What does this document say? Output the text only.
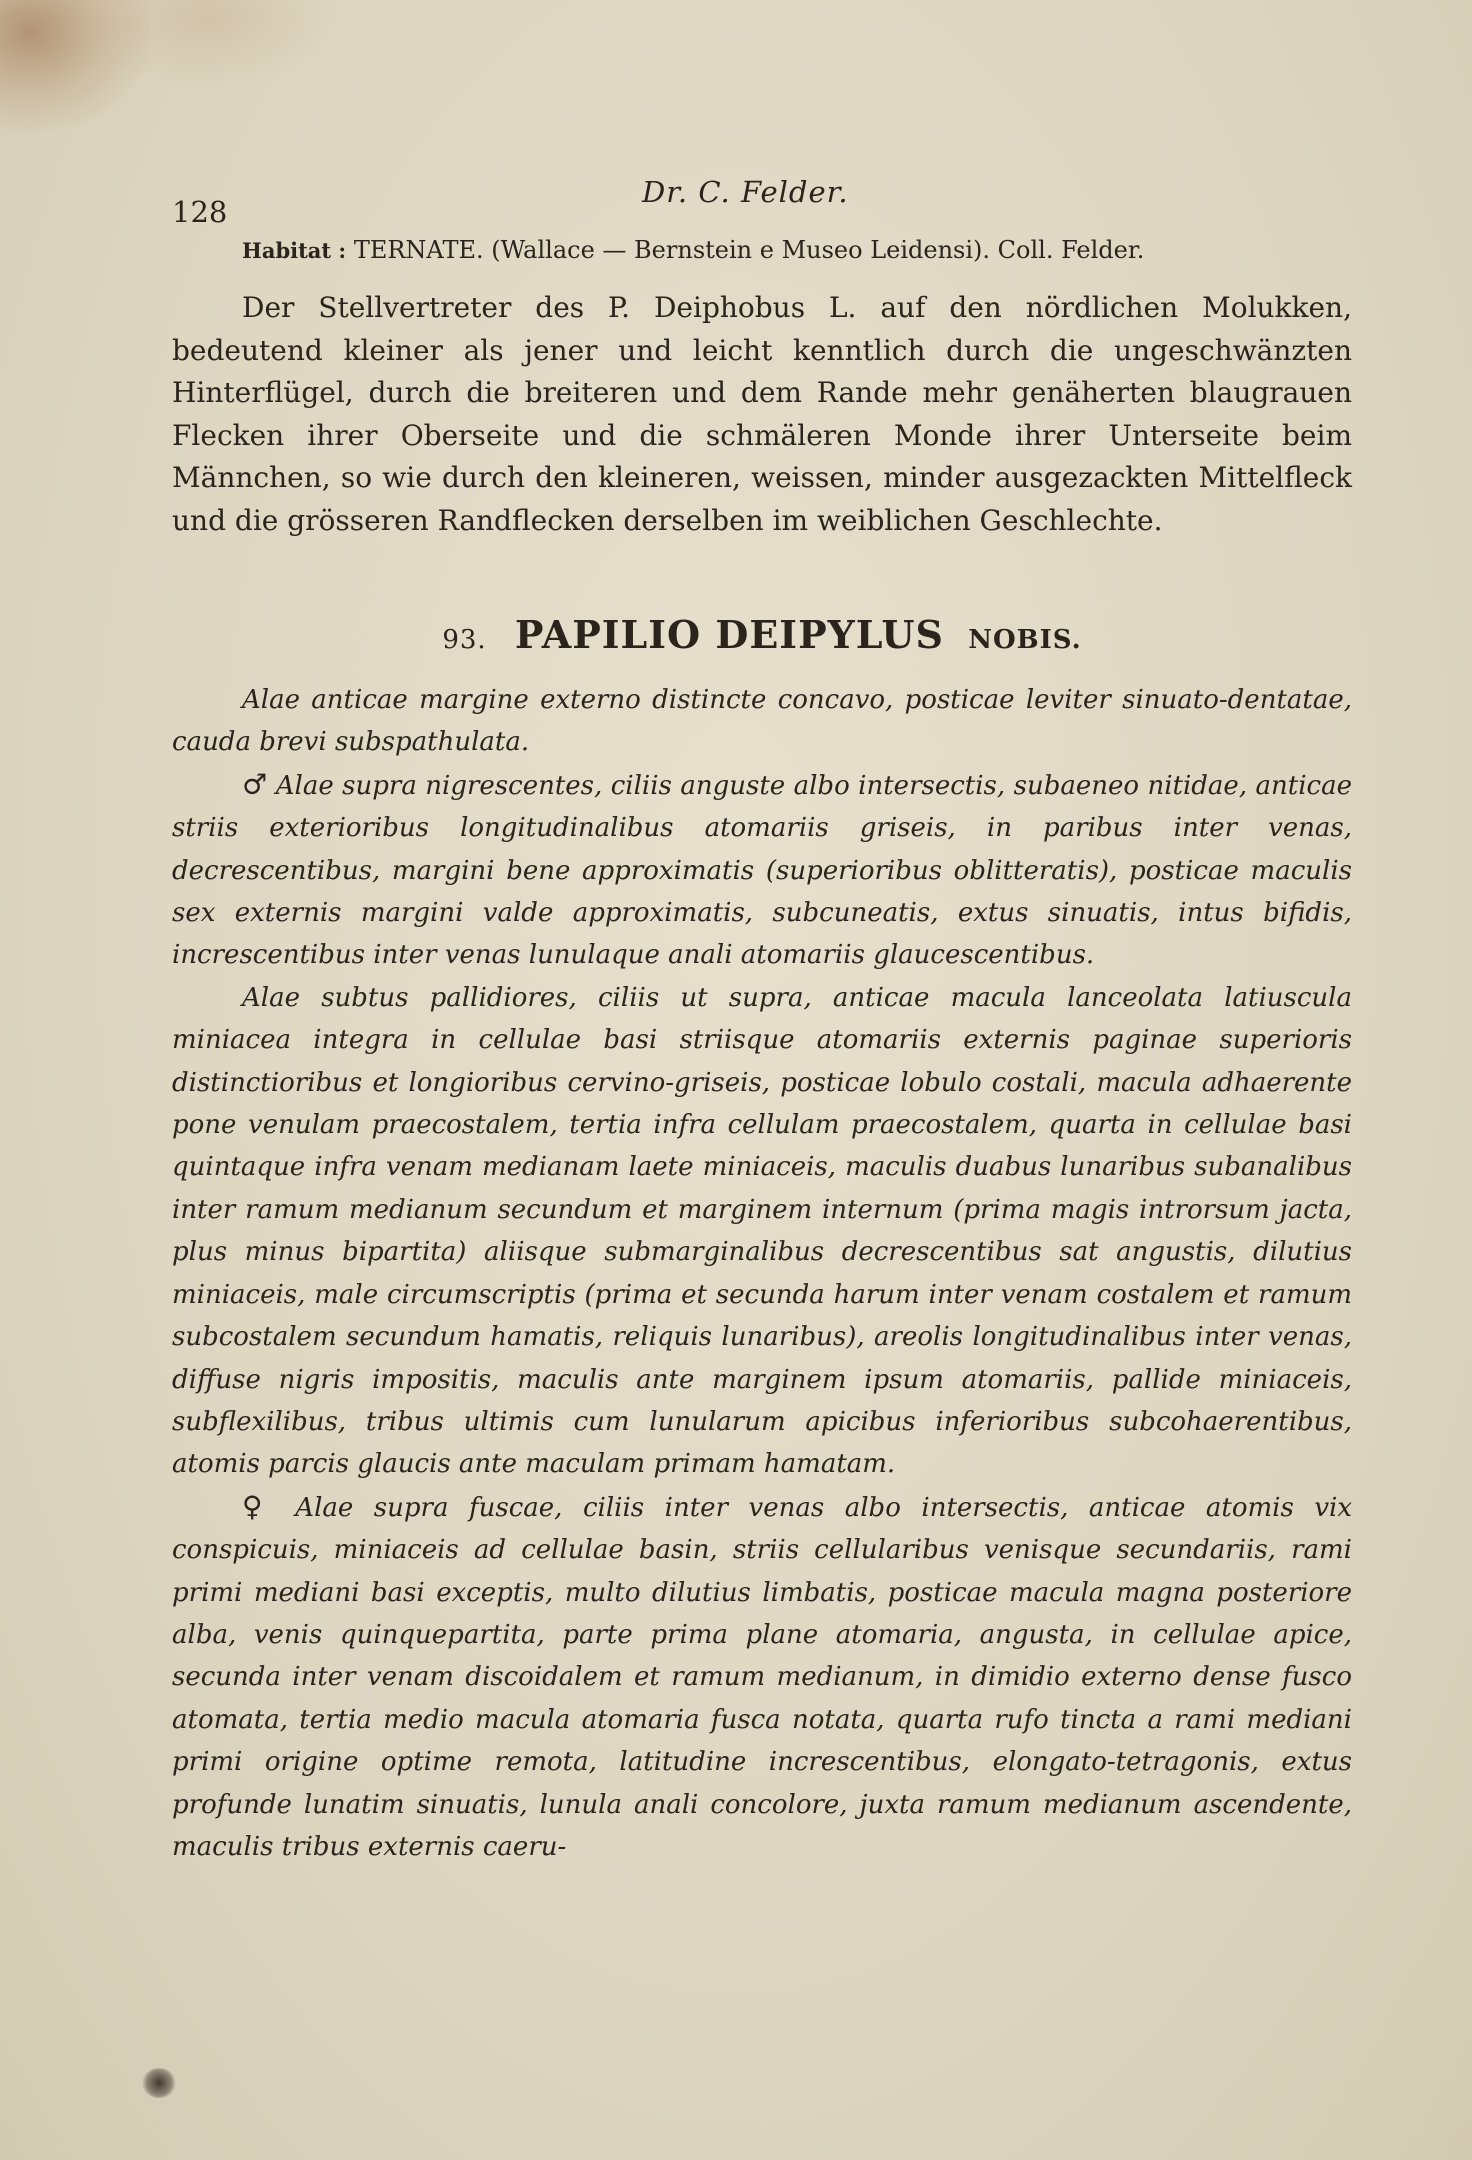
128
Dr. C. Felder.

Habitat : TERNATE. (Wallace — Bernstein e Museo Leidensi). Coll. Felder.

Der Stellvertreter des P. Deiphobus L. auf den nördlichen Molukken, bedeutend kleiner als jener und leicht kenntlich durch die ungeschwänzten Hinterflügel, durch die breiteren und dem Rande mehr genäherten blaugrauen Flecken ihrer Oberseite und die schmäleren Monde ihrer Unterseite beim Männchen, so wie durch den kleineren, weissen, minder ausgezackten Mittelfleck und die grösseren Randflecken derselben im weiblichen Geschlechte.

93. PAPILIO DEIPYLUS NOBIS.

Alae anticae margine externo distincte concavo, posticae leviter sinuato-dentatae, cauda brevi subspathulata.

♂ Alae supra nigrescentes, ciliis anguste albo intersectis, subaeneo nitidae, anticae striis exterioribus longitudinalibus atomariis griseis, in paribus inter venas, decrescentibus, margini bene approximatis (superioribus oblitteratis), posticae maculis sex externis margini valde approximatis, subcuneatis, extus sinuatis, intus bifidis, increscentibus inter venas lunulaque anali atomariis glaucescentibus.

Alae subtus pallidiores, ciliis ut supra, anticae macula lanceolata latiuscula miniacea integra in cellulae basi striisque atomariis externis paginae superioris distinctioribus et longioribus cervino-griseis, posticae lobulo costali, macula adhaerente pone venulam praecostalem, tertia infra cellulam praecostalem, quarta in cellulae basi quintaque infra venam medianam laete miniaceis, maculis duabus lunaribus subanalibus inter ramum medianum secundum et marginem internum (prima magis introrsum jacta, plus minus bipartita) aliisque submarginalibus decrescentibus sat angustis, dilutius miniaceis, male circumscriptis (prima et secunda harum inter venam costalem et ramum subcostalem secundum hamatis, reliquis lunaribus), areolis longitudinalibus inter venas, diffuse nigris impositis, maculis ante marginem ipsum atomariis, pallide miniaceis, subflexilibus, tribus ultimis cum lunularum apicibus inferioribus subcohaerentibus, atomis parcis glaucis ante maculam primam hamatam.

♀ Alae supra fuscae, ciliis inter venas albo intersectis, anticae atomis vix conspicuis, miniaceis ad cellulae basin, striis cellularibus venisque secundariis, rami primi mediani basi exceptis, multo dilutius limbatis, posticae macula magna posteriore alba, venis quinquepartita, parte prima plane atomaria, angusta, in cellulae apice, secunda inter venam discoidalem et ramum medianum, in dimidio externo dense fusco atomata, tertia medio macula atomaria fusca notata, quarta rufo tincta a rami mediani primi origine optime remota, latitudine increscentibus, elongato-tetragonis, extus profunde lunatim sinuatis, lunula anali concolore, juxta ramum medianum ascendente, maculis tribus externis caeru-
